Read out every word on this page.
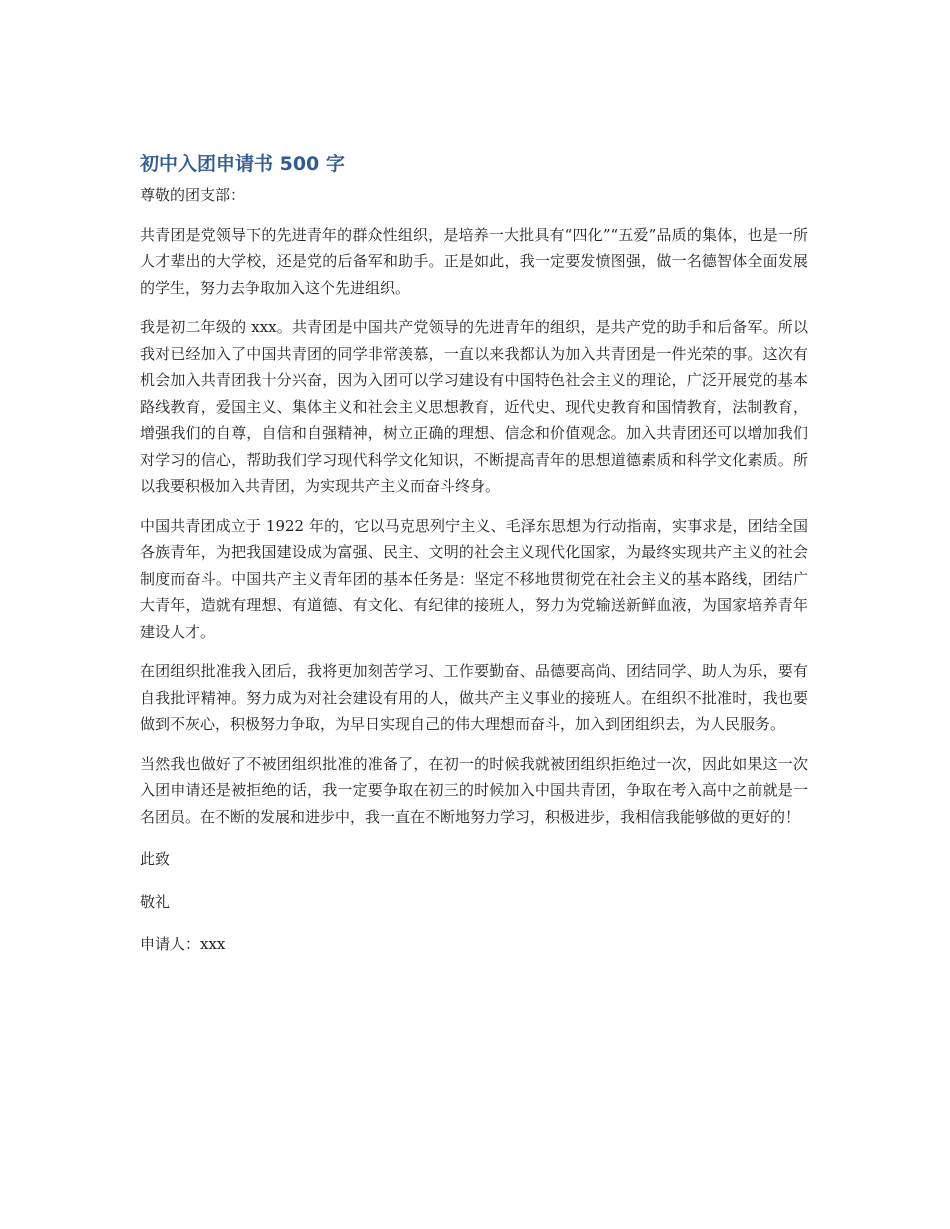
初中入团申请书 500 字

尊敬的团支部：

共青团是党领导下的先进青年的群众性组织，是培养一大批具有“四化”“五爱”品质的集体，也是一所人才辈出的大学校，还是党的后备军和助手。正是如此，我一定要发愤图强，做一名德智体全面发展的学生，努力去争取加入这个先进组织。

我是初二年级的 xxx。共青团是中国共产党领导的先进青年的组织，是共产党的助手和后备军。所以我对已经加入了中国共青团的同学非常羡慕，一直以来我都认为加入共青团是一件光荣的事。这次有机会加入共青团我十分兴奋，因为入团可以学习建设有中国特色社会主义的理论，广泛开展党的基本路线教育，爱国主义、集体主义和社会主义思想教育，近代史、现代史教育和国情教育，法制教育，增强我们的自尊，自信和自强精神，树立正确的理想、信念和价值观念。加入共青团还可以增加我们对学习的信心，帮助我们学习现代科学文化知识，不断提高青年的思想道德素质和科学文化素质。所以我要积极加入共青团，为实现共产主义而奋斗终身。

中国共青团成立于 1922 年的，它以马克思列宁主义、毛泽东思想为行动指南，实事求是，团结全国各族青年，为把我国建设成为富强、民主、文明的社会主义现代化国家，为最终实现共产主义的社会制度而奋斗。中国共产主义青年团的基本任务是：坚定不移地贯彻党在社会主义的基本路线，团结广大青年，造就有理想、有道德、有文化、有纪律的接班人，努力为党输送新鲜血液，为国家培养青年建设人才。

在团组织批准我入团后，我将更加刻苦学习、工作要勤奋、品德要高尚、团结同学、助人为乐，要有自我批评精神。努力成为对社会建设有用的人，做共产主义事业的接班人。在组织不批准时，我也要做到不灰心，积极努力争取，为早日实现自己的伟大理想而奋斗，加入到团组织去，为人民服务。

当然我也做好了不被团组织批准的准备了，在初一的时候我就被团组织拒绝过一次，因此如果这一次入团申请还是被拒绝的话，我一定要争取在初三的时候加入中国共青团，争取在考入高中之前就是一名团员。在不断的发展和进步中，我一直在不断地努力学习，积极进步，我相信我能够做的更好的！

此致

敬礼

申请人：xxx
